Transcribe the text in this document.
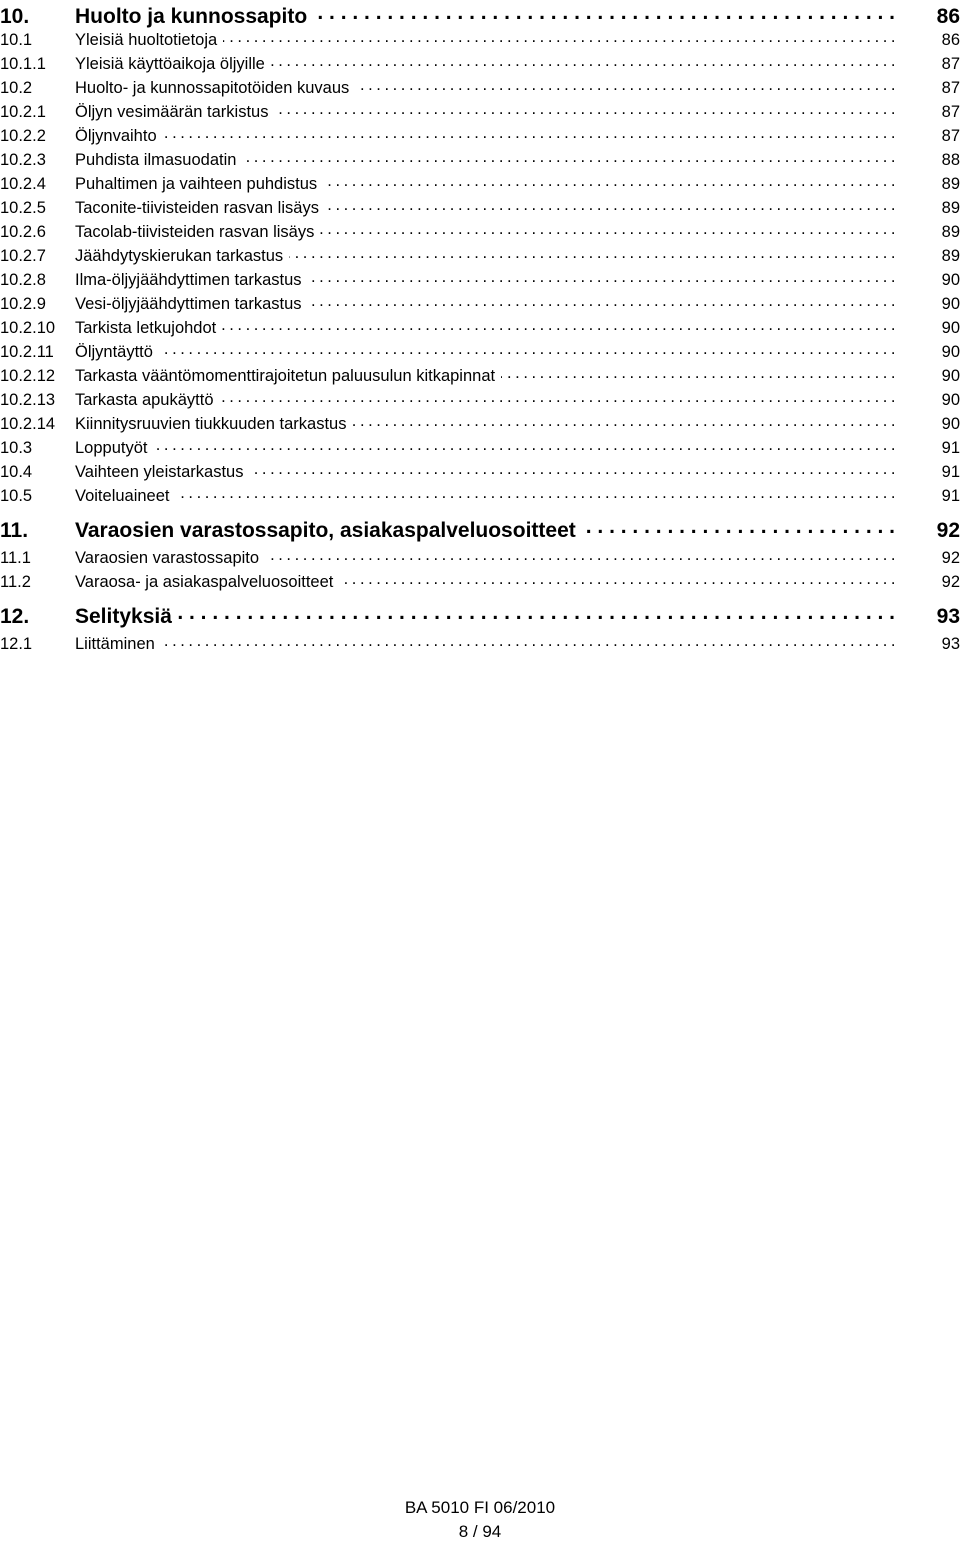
10.	Huolto ja kunnossapito . . .	86
10.1	Yleisiä huoltotietoja . . .	86
10.1.1	Yleisiä käyttöaikoja öljyille . . .	87
10.2	Huolto- ja kunnossapitotöiden kuvaus . . .	87
10.2.1	Öljyn vesimäärän tarkistus . . .	87
10.2.2	Öljynvaihto . . .	87
10.2.3	Puhdista ilmasuodatin . . .	88
10.2.4	Puhaltimen ja vaihteen puhdistus . . .	89
10.2.5	Taconite-tiivisteiden rasvan lisäys . . .	89
10.2.6	Tacolab-tiivisteiden rasvan lisäys . . .	89
10.2.7	Jäähdytyskierukan tarkastus . . .	89
10.2.8	Ilma-öljyjäähdyttimen tarkastus . . .	90
10.2.9	Vesi-öljyjäähdyttimen tarkastus . . .	90
10.2.10	Tarkista letkujohdot . . .	90
10.2.11	Öljyntäyttö . . .	90
10.2.12	Tarkasta vääntömomenttirajoitetun paluusulun kitkapinnat . . .	90
10.2.13	Tarkasta apukäyttö . . .	90
10.2.14	Kiinnitysruuvien tiukkuuden tarkastus . . .	90
10.3	Lopputyöt . . .	91
10.4	Vaihteen yleistarkastus . . .	91
10.5	Voiteluaineet . . .	91
11.	Varaosien varastossapito, asiakaspalveluosoitteet . . .	92
11.1	Varaosien varastossapito . . .	92
11.2	Varaosa- ja asiakaspalveluosoitteet . . .	92
12.	Selityksiä . . .	93
12.1	Liittäminen . . .	93
BA 5010 FI 06/2010
8 / 94
